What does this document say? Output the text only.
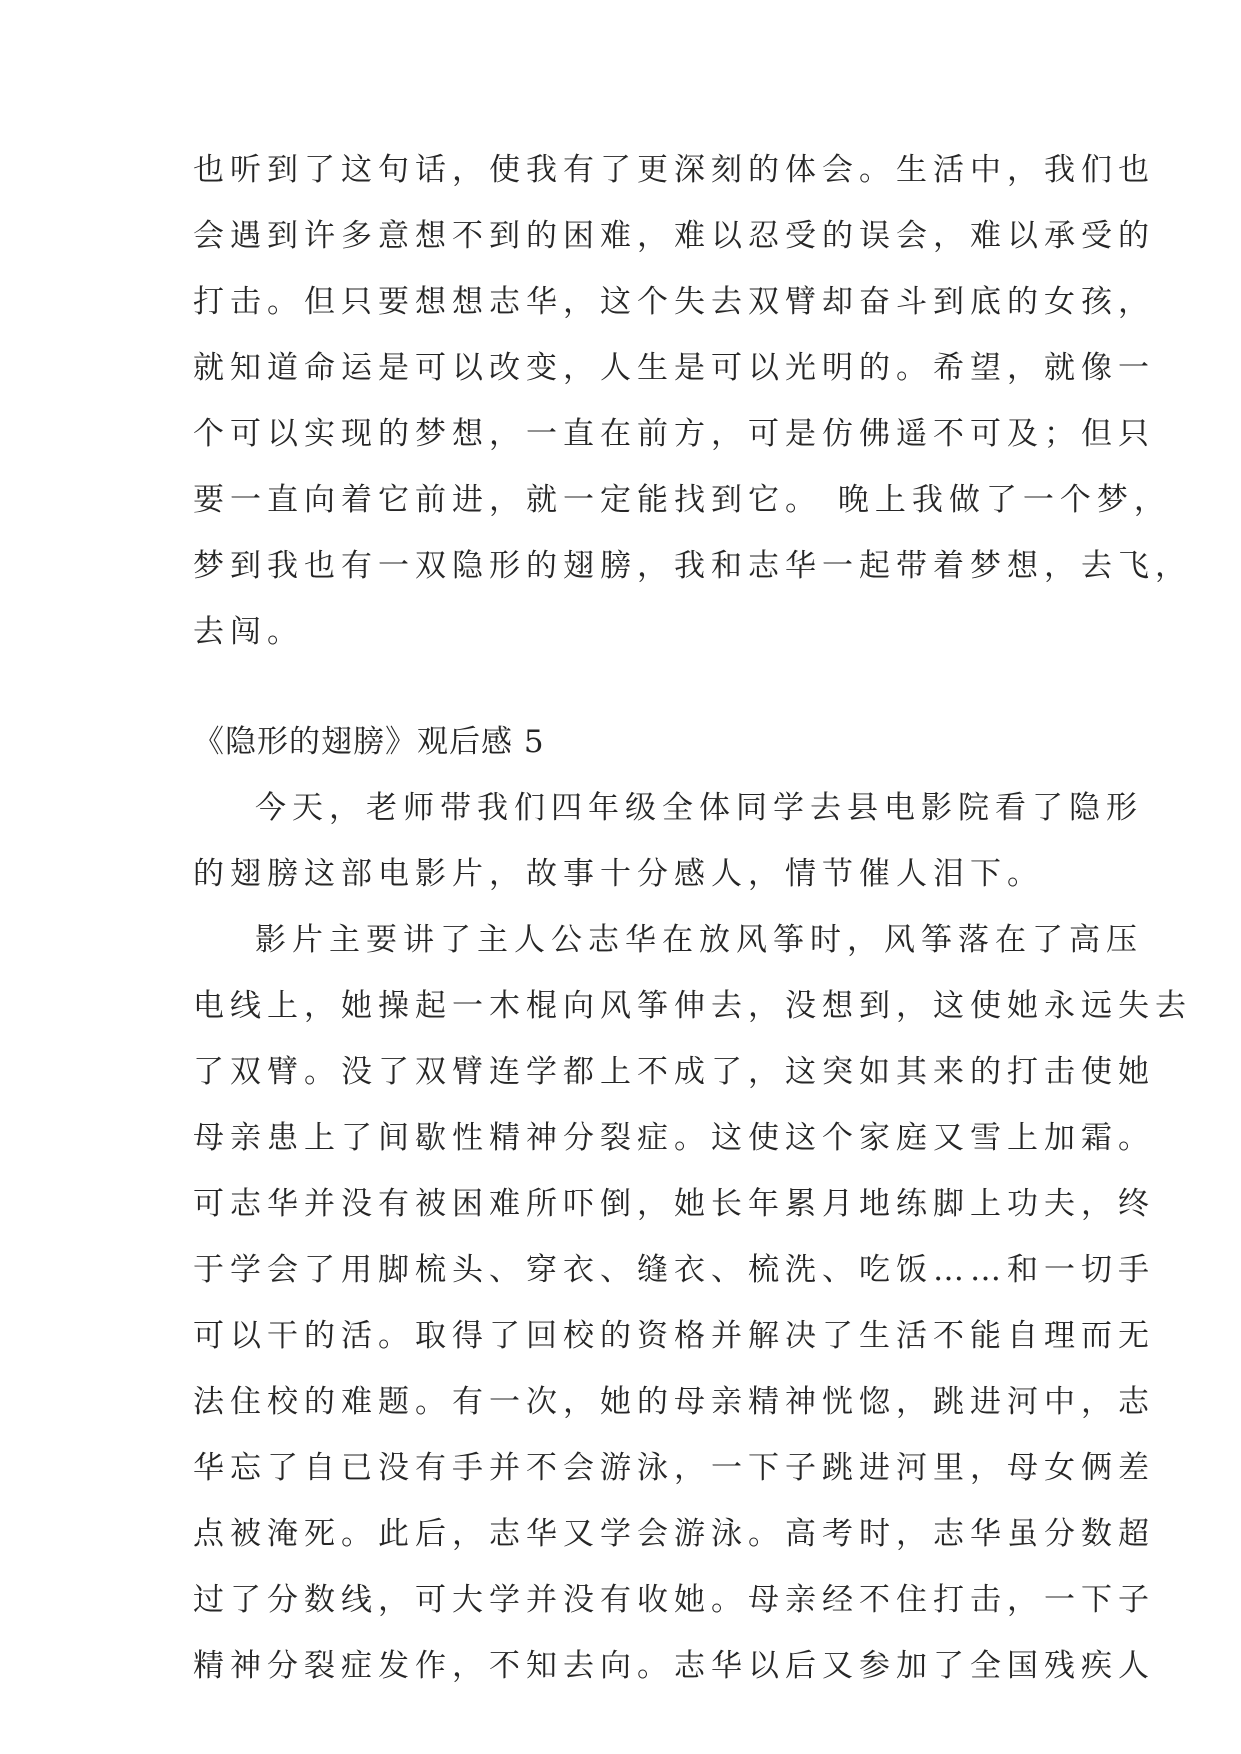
也听到了这句话，使我有了更深刻的体会。生活中，我们也
会遇到许多意想不到的困难，难以忍受的误会，难以承受的
打击。但只要想想志华，这个失去双臂却奋斗到底的女孩，
就知道命运是可以改变，人生是可以光明的。希望，就像一
个可以实现的梦想，一直在前方，可是仿佛遥不可及；但只
要一直向着它前进，就一定能找到它。 晚上我做了一个梦，
梦到我也有一双隐形的翅膀，我和志华一起带着梦想，去飞，
去闯。
《隐形的翅膀》观后感 5
今天，老师带我们四年级全体同学去县电影院看了隐形
的翅膀这部电影片，故事十分感人，情节催人泪下。
影片主要讲了主人公志华在放风筝时，风筝落在了高压
电线上，她操起一木棍向风筝伸去，没想到，这使她永远失去
了双臂。没了双臂连学都上不成了，这突如其来的打击使她
母亲患上了间歇性精神分裂症。这使这个家庭又雪上加霜。
可志华并没有被困难所吓倒，她长年累月地练脚上功夫，终
于学会了用脚梳头、穿衣、缝衣、梳洗、吃饭……和一切手
可以干的活。取得了回校的资格并解决了生活不能自理而无
法住校的难题。有一次，她的母亲精神恍惚，跳进河中，志
华忘了自已没有手并不会游泳，一下子跳进河里，母女俩差
点被淹死。此后，志华又学会游泳。高考时，志华虽分数超
过了分数线，可大学并没有收她。母亲经不住打击，一下子
精神分裂症发作，不知去向。志华以后又参加了全国残疾人
